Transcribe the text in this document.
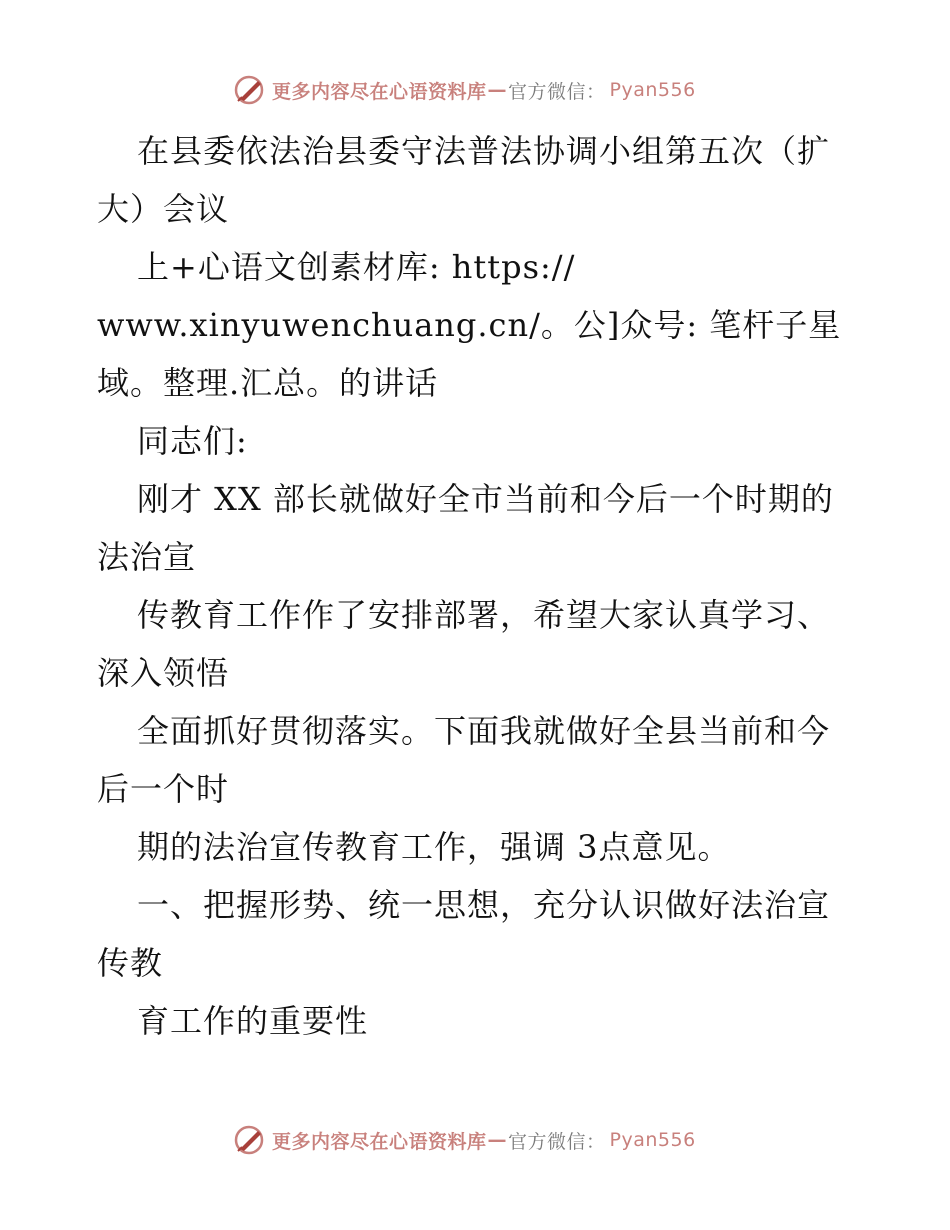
更多内容尽在心语资料库 — 官方微信： Pyan556
在县委依法治县委守法普法协调小组第五次（扩
大）会议
上+心语文创素材库: https://
www.xinyuwenchuang.cn/。公]众号: 笔杆子星
域。整理.汇总。的讲话
同志们:
刚才 XX 部长就做好全市当前和今后一个时期的
法治宣
传教育工作作了安排部署，希望大家认真学习、
深入领悟
全面抓好贯彻落实。下面我就做好全县当前和今
后一个时
期的法治宣传教育工作，强调 3点意见。
一、把握形势、统一思想，充分认识做好法治宣
传教
育工作的重要性
更多内容尽在心语资料库 — 官方微信： Pyan556
